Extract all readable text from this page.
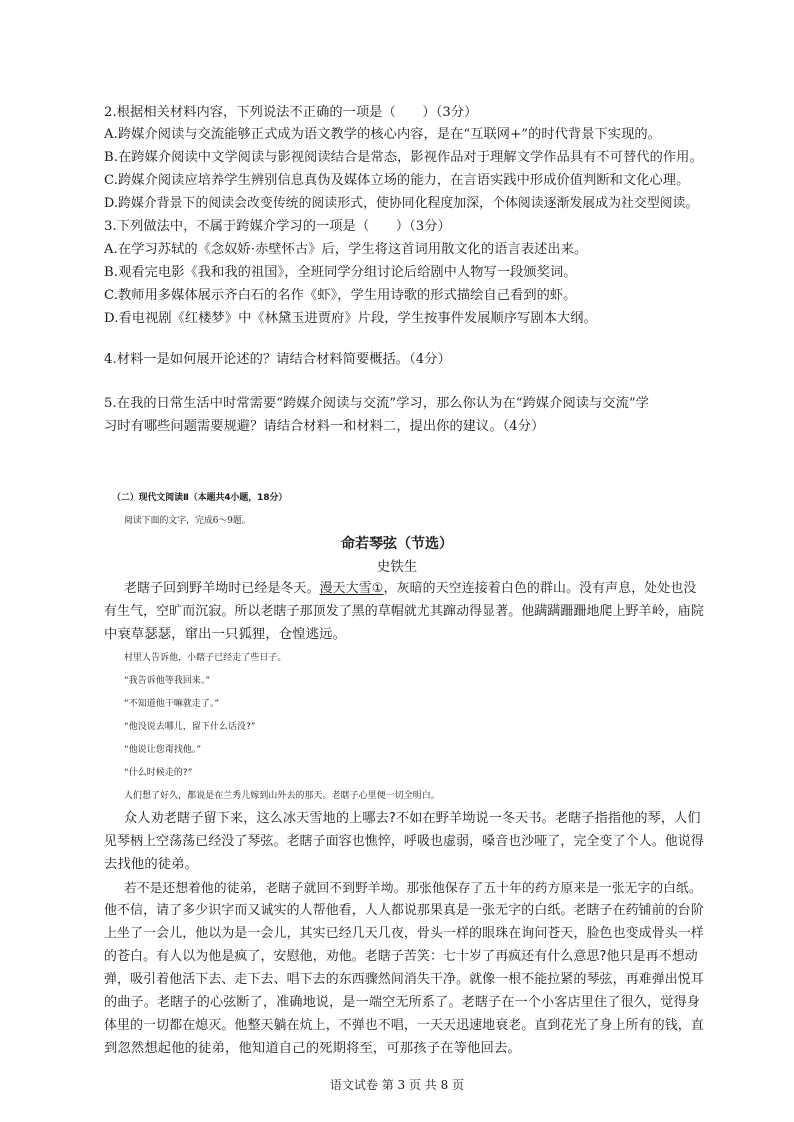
2.根据相关材料内容，下列说法不正确的一项是（　　）（3分）
A.跨媒介阅读与交流能够正式成为语文教学的核心内容，是在“互联网+”的时代背景下实现的。
B.在跨媒介阅读中文学阅读与影视阅读结合是常态，影视作品对于理解文学作品具有不可替代的作用。
C.跨媒介阅读应培养学生辨别信息真伪及媒体立场的能力，在言语实践中形成价值判断和文化心理。
D.跨媒介背景下的阅读会改变传统的阅读形式，使协同化程度加深，个体阅读逐渐发展成为社交型阅读。
3.下列做法中，不属于跨媒介学习的一项是（　　）（3分）
A.在学习苏轼的《念奴娇·赤壁怀古》后，学生将这首词用散文化的语言表述出来。
B.观看完电影《我和我的祖国》，全班同学分组讨论后给剧中人物写一段颁奖词。
C.教师用多媒体展示齐白石的名作《虾》，学生用诗歌的形式描绘自己看到的虾。
D.看电视剧《红楼梦》中《林黛玉进贾府》片段，学生按事件发展顺序写剧本大纲。
4.材料一是如何展开论述的？请结合材料简要概括。（4分）
5.在我的日常生活中时常需要“跨媒介阅读与交流”学习，那么你认为在“跨媒介阅读与交流”学
习时有哪些问题需要规避？请结合材料一和材料二，提出你的建议。（4分）
（二）现代文阅读Ⅱ（本题共4小题，18分）
阅读下面的文字，完成6～9题。
命若琴弦（节选）
史铁生
老瞎子回到野羊坳时已经是冬天。漫天大雪①，灰暗的天空连接着白色的群山。没有声息，处处也没
有生气，空旷而沉寂。所以老瞎子那顶发了黑的草帽就尤其蹿动得显著。他蹒蹒跚跚地爬上野羊岭，庙院
中衰草瑟瑟，窜出一只狐狸，仓惶逃远。
村里人告诉他，小瞎子已经走了些日子。
“我告诉他等我回来。”
“不知道他干嘛就走了。”
“他没说去哪儿，留下什么话没?”
“他说让您甭找他。”
“什么时候走的?”
人们想了好久，都说是在兰秀儿嫁到山外去的那天。老瞎子心里便一切全明白。
众人劝老瞎子留下来，这么冰天雪地的上哪去?不如在野羊坳说一冬天书。老瞎子指指他的琴，人们
见琴柄上空荡荡已经没了琴弦。老瞎子面容也憔悴，呼吸也虚弱，嗓音也沙哑了，完全变了个人。他说得
去找他的徒弟。
若不是还想着他的徒弟，老瞎子就回不到野羊坳。那张他保存了五十年的药方原来是一张无字的白纸。
他不信，请了多少识字而又诚实的人帮他看，人人都说那果真是一张无字的白纸。老瞎子在药铺前的台阶
上坐了一会儿，他以为是一会儿，其实已经几天几夜，骨头一样的眼珠在询问苍天，脸色也变成骨头一样
的苍白。有人以为他是疯了，安慰他，劝他。老瞎子苦笑：七十岁了再疯还有什么意思?他只是再不想动
弹，吸引着他活下去、走下去、唱下去的东西骤然间消失干净。就像一根不能拉紧的琴弦，再难弹出悦耳
的曲子。老瞎子的心弦断了，准确地说，是一端空无所系了。老瞎子在一个小客店里住了很久，觉得身
体里的一切都在熄灭。他整天躺在炕上，不弹也不唱，一天天迅速地衰老。直到花光了身上所有的钱，直
到忽然想起他的徒弟，他知道自己的死期将至，可那孩子在等他回去。
语文试卷 第 3 页 共 8 页
